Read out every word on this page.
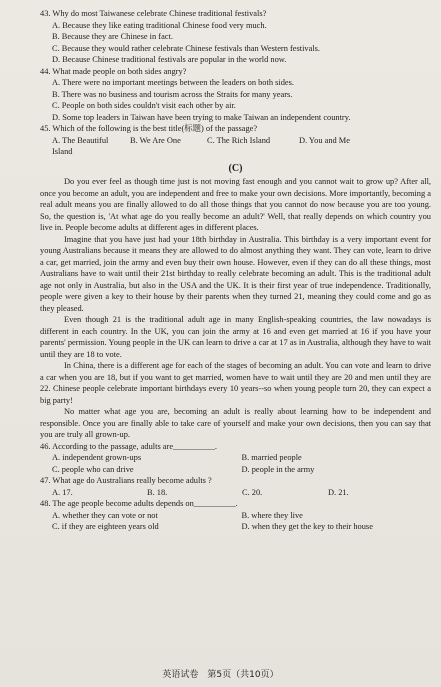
43. Why do most Taiwanese celebrate Chinese traditional festivals?

A. Because they like eating traditional Chinese food very much.

B. Because they are Chinese in fact.

C. Because they would rather celebrate Chinese festivals than Western festivals.

D. Because Chinese traditional festivals are popular in the world now.

44. What made people on both sides angry?

A. There were no important meetings between the leaders on both sides.

B. There was no business and tourism across the Straits for many years.

C. People on both sides couldn't visit each other by air.

D. Some top leaders in Taiwan have been trying to make Taiwan an independent country.

45. Which of the following is the best title(标题) of the passage?

A. The Beautiful Island
B. We Are One	C. The Rich Island	D. You and Me
(C)

Do you ever feel as though time just is not moving fast enough and you cannot wait to grow up? After all, once you become an adult, you are independent and free to make your own decisions. More importantly, becoming a real adult means you are finally allowed to do all those things that you cannot do now because you are too young. So, the question is, 'At what age do you really become an adult?' Well, that really depends on which country you live in. People become adults at different ages in different places.

Imagine that you have just had your 18th birthday in Australia. This birthday is a very important event for young Australians because it means they are allowed to do almost anything they want. They can vote, learn to drive a car, get married, join the army and even buy their own house. However, even if they can do all these things, most Australians have to wait until their 21st birthday to really celebrate becoming an adult. This is the traditional adult age not only in Australia, but also in the USA and the UK. It is their first year of true independence. Traditionally, people were given a key to their house by their parents when they turned 21, meaning they could come and go as they pleased.

Even though 21 is the traditional adult age in many English-speaking countries, the law nowadays is different in each country. In the UK, you can join the army at 16 and even get married at 16 if you have your parents' permission. Young people in the UK can learn to drive a car at 17 as in Australia, although they have to wait until they are 18 to vote.

In China, there is a different age for each of the stages of becoming an adult. You can vote and learn to drive a car when you are 18, but if you want to get married, women have to wait until they are 20 and men until they are 22. Chinese people celebrate important birthdays every 10 years--so when young people turn 20, they can expect a big party!

No matter what age you are, becoming an adult is really about learning how to be independent and responsible. Once you are finally able to take care of yourself and make your own decisions, then you can say that you are truly all grown-up.

46. According to the passage, adults are__________.

A. independent grown-ups	B. married people
C. people who can drive	D. people in the army

47. What age do Australians really become adults ?

A. 17.	B. 18.	C. 20.	D. 21.

48. The age people become adults depends on__________.

A. whether they can vote or not	B. where they live
C. if they are eighteen years old	D. when they get the key to their house
英语试卷　第5页（共10页）
